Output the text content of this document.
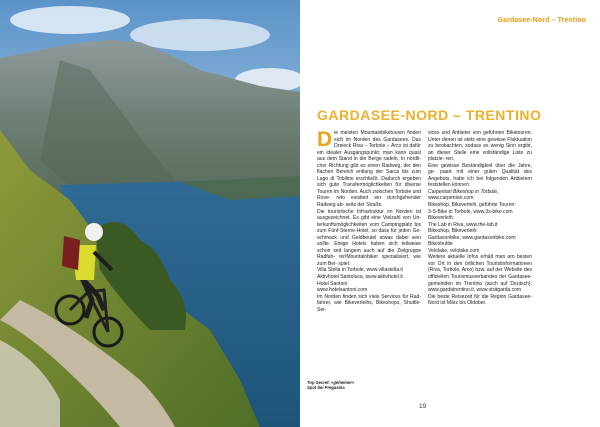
Top Secret: »geheimer«
Spot bei Pregasina
Gardasee-Nord – Trentino
GARDASEE-NORD – TRENTINO

D ie meisten Mountainbiketouren finden sich im Norden des Gardasees. Das Dreieck Riva – Torbole – Arco ist dafür ein idealer Ausgangspunkt; man kann quasi aus dem Stand in die Berge radeln. In nördli- cher Richtung gibt es einen Radweg, der den flachen Bereich entlang der Sarca bis zum Lago di Tobilino erschließt. Dadurch ergeben sich gute Transfermöglichkeiten für diverse Touren im Norden. Auch zwischen Torbole und Rove- reto existiert ein durchgehender Radweg ab- seits der Straße.

Die touristische Infrastruktur im Norden ist ausgezeichnet. Es gibt eine Vielzahl von Un- terkunftsmöglichkeiten vom Campingplatz bis zum Fünf-Sterne-Hotel, so dass für jeden Ge- schmack und Geldbeutel etwas dabei sein sollte. Einige Hotels haben sich teilweise schon seit langem auch auf die Zielgruppe Radfah- rer/Mountainbiker spezialisiert, wie zum Bei- spiel:

Villa Stella in Torbole, www.villastella.it

Aktivhotel Santoluca, www.aktivhotel.it

Hotel Santoni

www.hotelsantoni.com

Im Norden finden sich viele Services für Rad- fahrer, wie Bikeverleihs, Bikeshops, Shuttle-Ser-

vices und Anbieter von geführten Biketouren. Unter denen ist stets eine gewisse Fluktuation zu beobachten, sodass es wenig Sinn ergibt, an dieser Stelle eine vollständige Liste zu platzie- ren.

Eine gewisse Beständigkeit über die Jahre, ge- paart mit einer guten Qualität des Angebots, habe ich bei folgenden Anbietern feststellen können:

Carpentari Bikeshop in Torbole,

www.carpentari.com

Bikeshop, Bikeverleih, geführte Touren:

3-S-Bike in Torbole, www.3s-bike.com

Bikeverleih:

The Lab in Riva, www.the-lab.it

Bikeshop, Bikeverleih:

Gardasonbike, www.gardasonbike.com

Bikeshuttle

Velolake, velolake.com

Weitere aktuelle Infos erhält man am besten vor Ort in den örtlichen Touristinformationen (Riva, Torbole, Arco) bzw. auf der Website des offiziellen Tourismusverbandes der Gardasee- gemeinden im Trentino (auch auf Deutsch): www.gardatrentino.it, www.visitgarda.com

Die beste Reisezeit für die Region Gardasee- Nord ist März bis Oktober.

19
